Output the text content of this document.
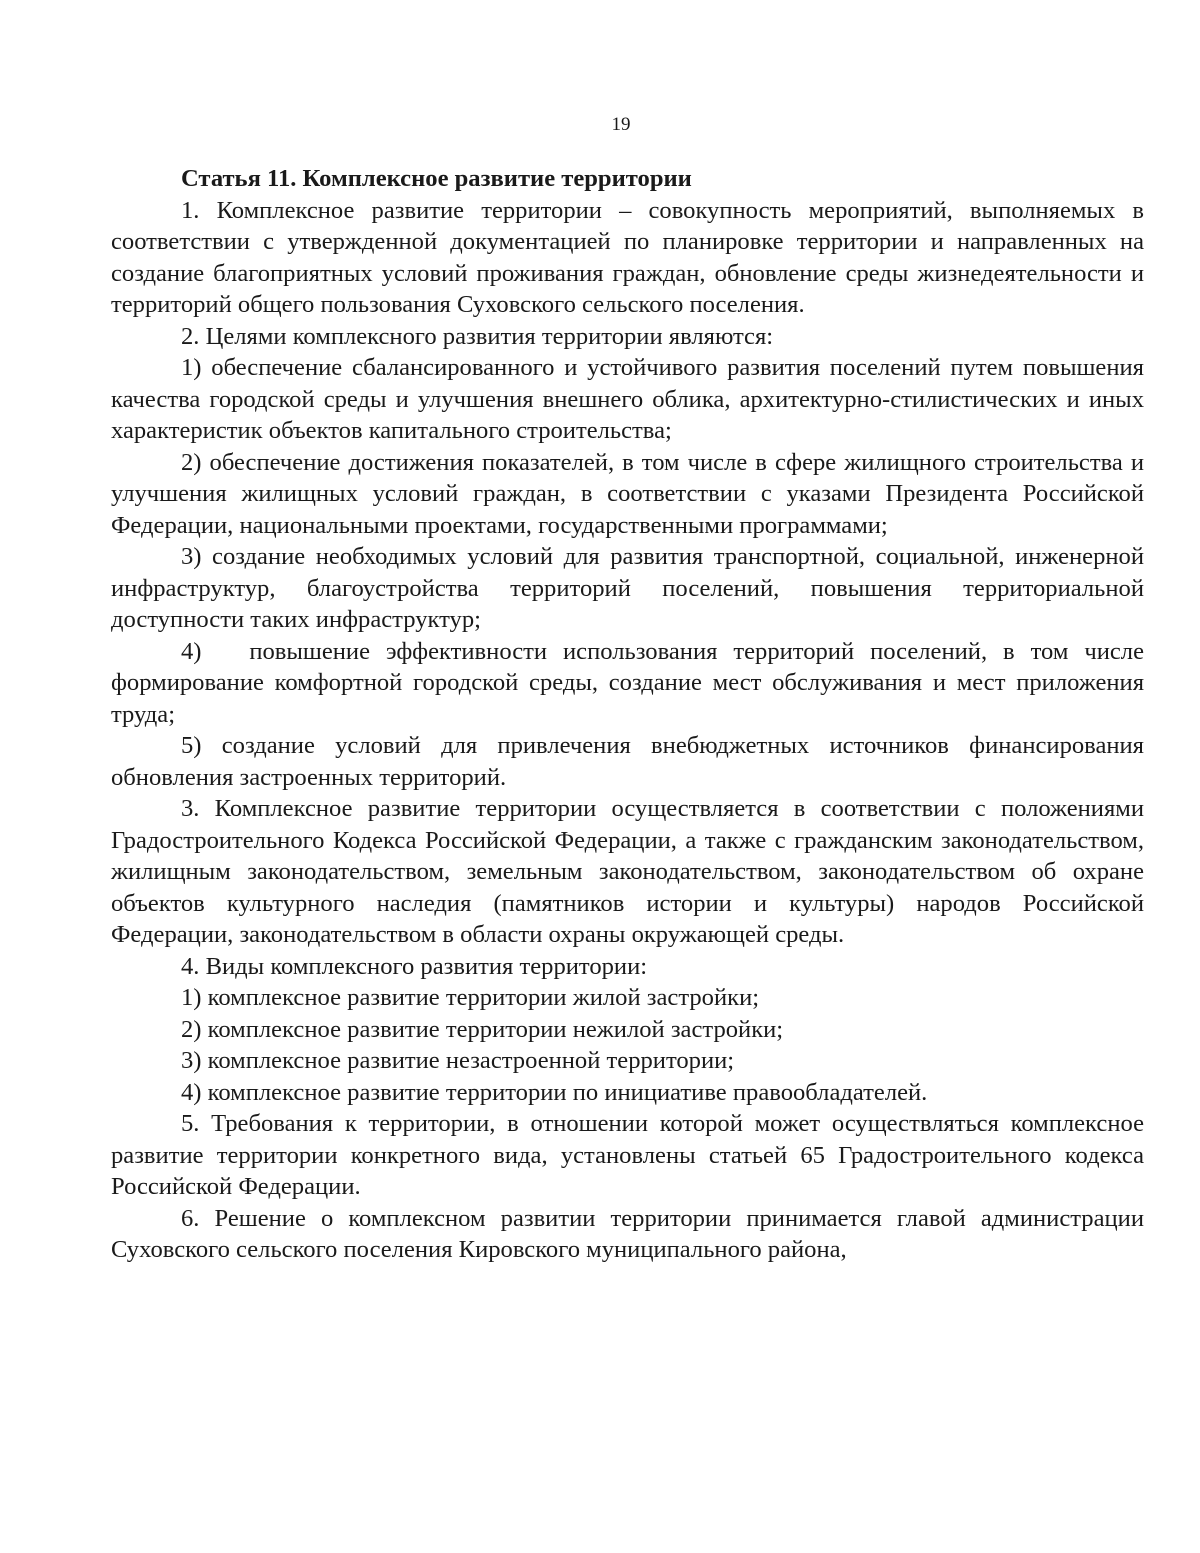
19

Статья 11. Комплексное развитие территории

1. Комплексное развитие территории – совокупность мероприятий, выполняемых в соответствии с утвержденной документацией по планировке территории и направленных на создание благоприятных условий проживания граждан, обновление среды жизнедеятельности и территорий общего пользования Суховского сельского поселения.

2. Целями комплексного развития территории являются:

1) обеспечение сбалансированного и устойчивого развития поселений путем повышения качества городской среды и улучшения внешнего облика, архитектурно-стилистических и иных характеристик объектов капитального строительства;

2) обеспечение достижения показателей, в том числе в сфере жилищного строительства и улучшения жилищных условий граждан, в соответствии с указами Президента Российской Федерации, национальными проектами, государственными программами;

3) создание необходимых условий для развития транспортной, социальной, инженерной инфраструктур, благоустройства территорий поселений, повышения территориальной доступности таких инфраструктур;

4)   повышение эффективности использования территорий поселений, в том числе формирование комфортной городской среды, создание мест обслуживания и мест приложения труда;

5) создание условий для привлечения внебюджетных источников финансирования обновления застроенных территорий.

3. Комплексное развитие территории осуществляется в соответствии с положениями Градостроительного Кодекса Российской Федерации, а также с гражданским законодательством, жилищным законодательством, земельным законодательством, законодательством об охране объектов культурного наследия (памятников истории и культуры) народов Российской Федерации, законодательством в области охраны окружающей среды.

4. Виды комплексного развития территории:

1) комплексное развитие территории жилой застройки;

2) комплексное развитие территории нежилой застройки;

3) комплексное развитие незастроенной территории;

4) комплексное развитие территории по инициативе правообладателей.

5. Требования к территории, в отношении которой может осуществляться комплексное развитие территории конкретного вида, установлены статьей 65 Градостроительного кодекса Российской Федерации.

6. Решение о комплексном развитии территории принимается главой администрации Суховского сельского поселения Кировского муниципального района,
